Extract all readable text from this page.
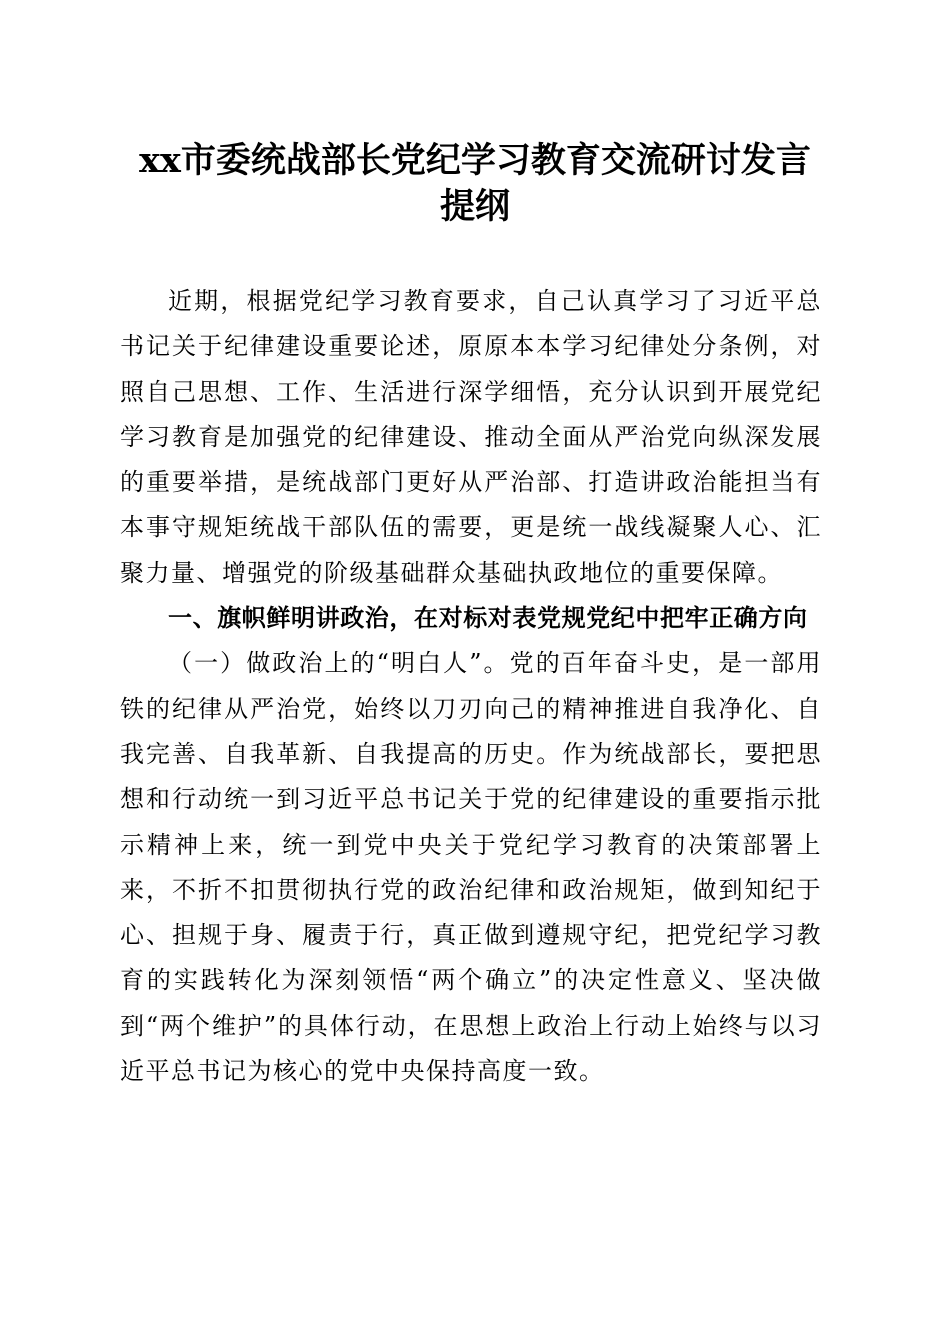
xx市委统战部长党纪学习教育交流研讨发言
提纲

近期，根据党纪学习教育要求，自己认真学习了习近平总书记关于纪律建设重要论述，原原本本学习纪律处分条例，对照自己思想、工作、生活进行深学细悟，充分认识到开展党纪学习教育是加强党的纪律建设、推动全面从严治党向纵深发展的重要举措，是统战部门更好从严治部、打造讲政治能担当有本事守规矩统战干部队伍的需要，更是统一战线凝聚人心、汇聚力量、增强党的阶级基础群众基础执政地位的重要保障。

一、旗帜鲜明讲政治，在对标对表党规党纪中把牢正确方向

（一）做政治上的“明白人”。党的百年奋斗史，是一部用铁的纪律从严治党，始终以刀刃向己的精神推进自我净化、自我完善、自我革新、自我提高的历史。作为统战部长，要把思想和行动统一到习近平总书记关于党的纪律建设的重要指示批示精神上来，统一到党中央关于党纪学习教育的决策部署上来，不折不扣贯彻执行党的政治纪律和政治规矩，做到知纪于心、担规于身、履责于行，真正做到遵规守纪，把党纪学习教育的实践转化为深刻领悟“两个确立”的决定性意义、坚决做到“两个维护”的具体行动，在思想上政治上行动上始终与以习近平总书记为核心的党中央保持高度一致。
